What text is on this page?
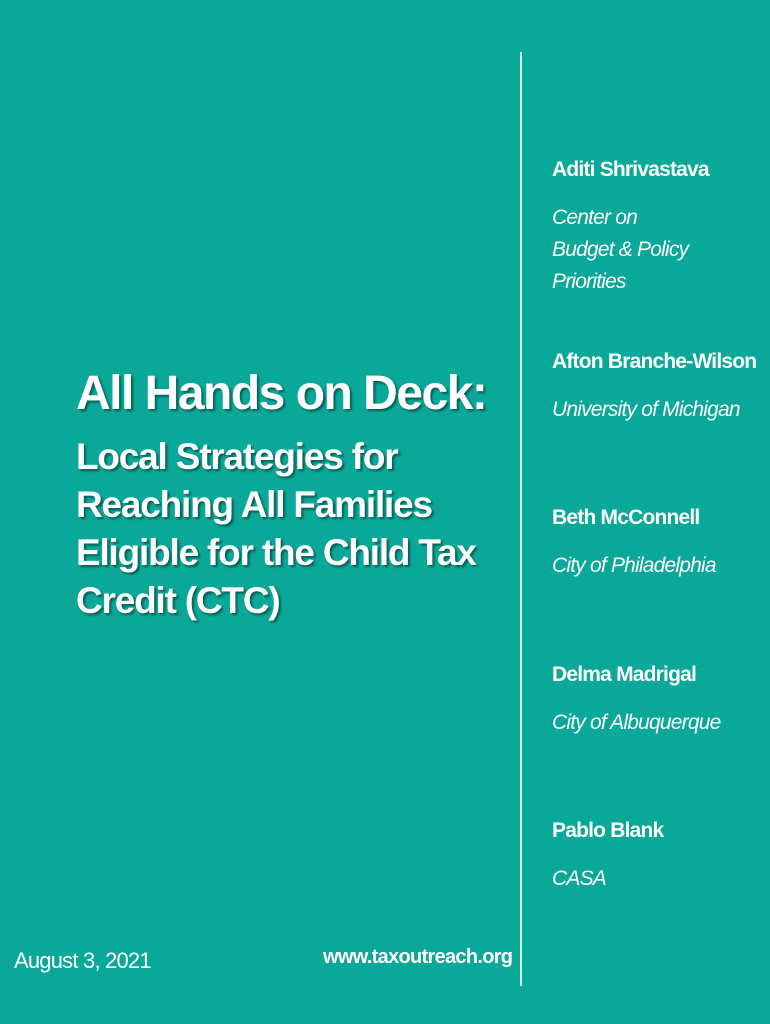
All Hands on Deck:
Local Strategies for Reaching All Families Eligible for the Child Tax Credit (CTC)
Aditi Shrivastava
Center on Budget & Policy Priorities
Afton Branche-Wilson
University of Michigan
Beth McConnell
City of Philadelphia
Delma Madrigal
City of Albuquerque
Pablo Blank
CASA
August 3, 2021	www.taxoutreach.org
